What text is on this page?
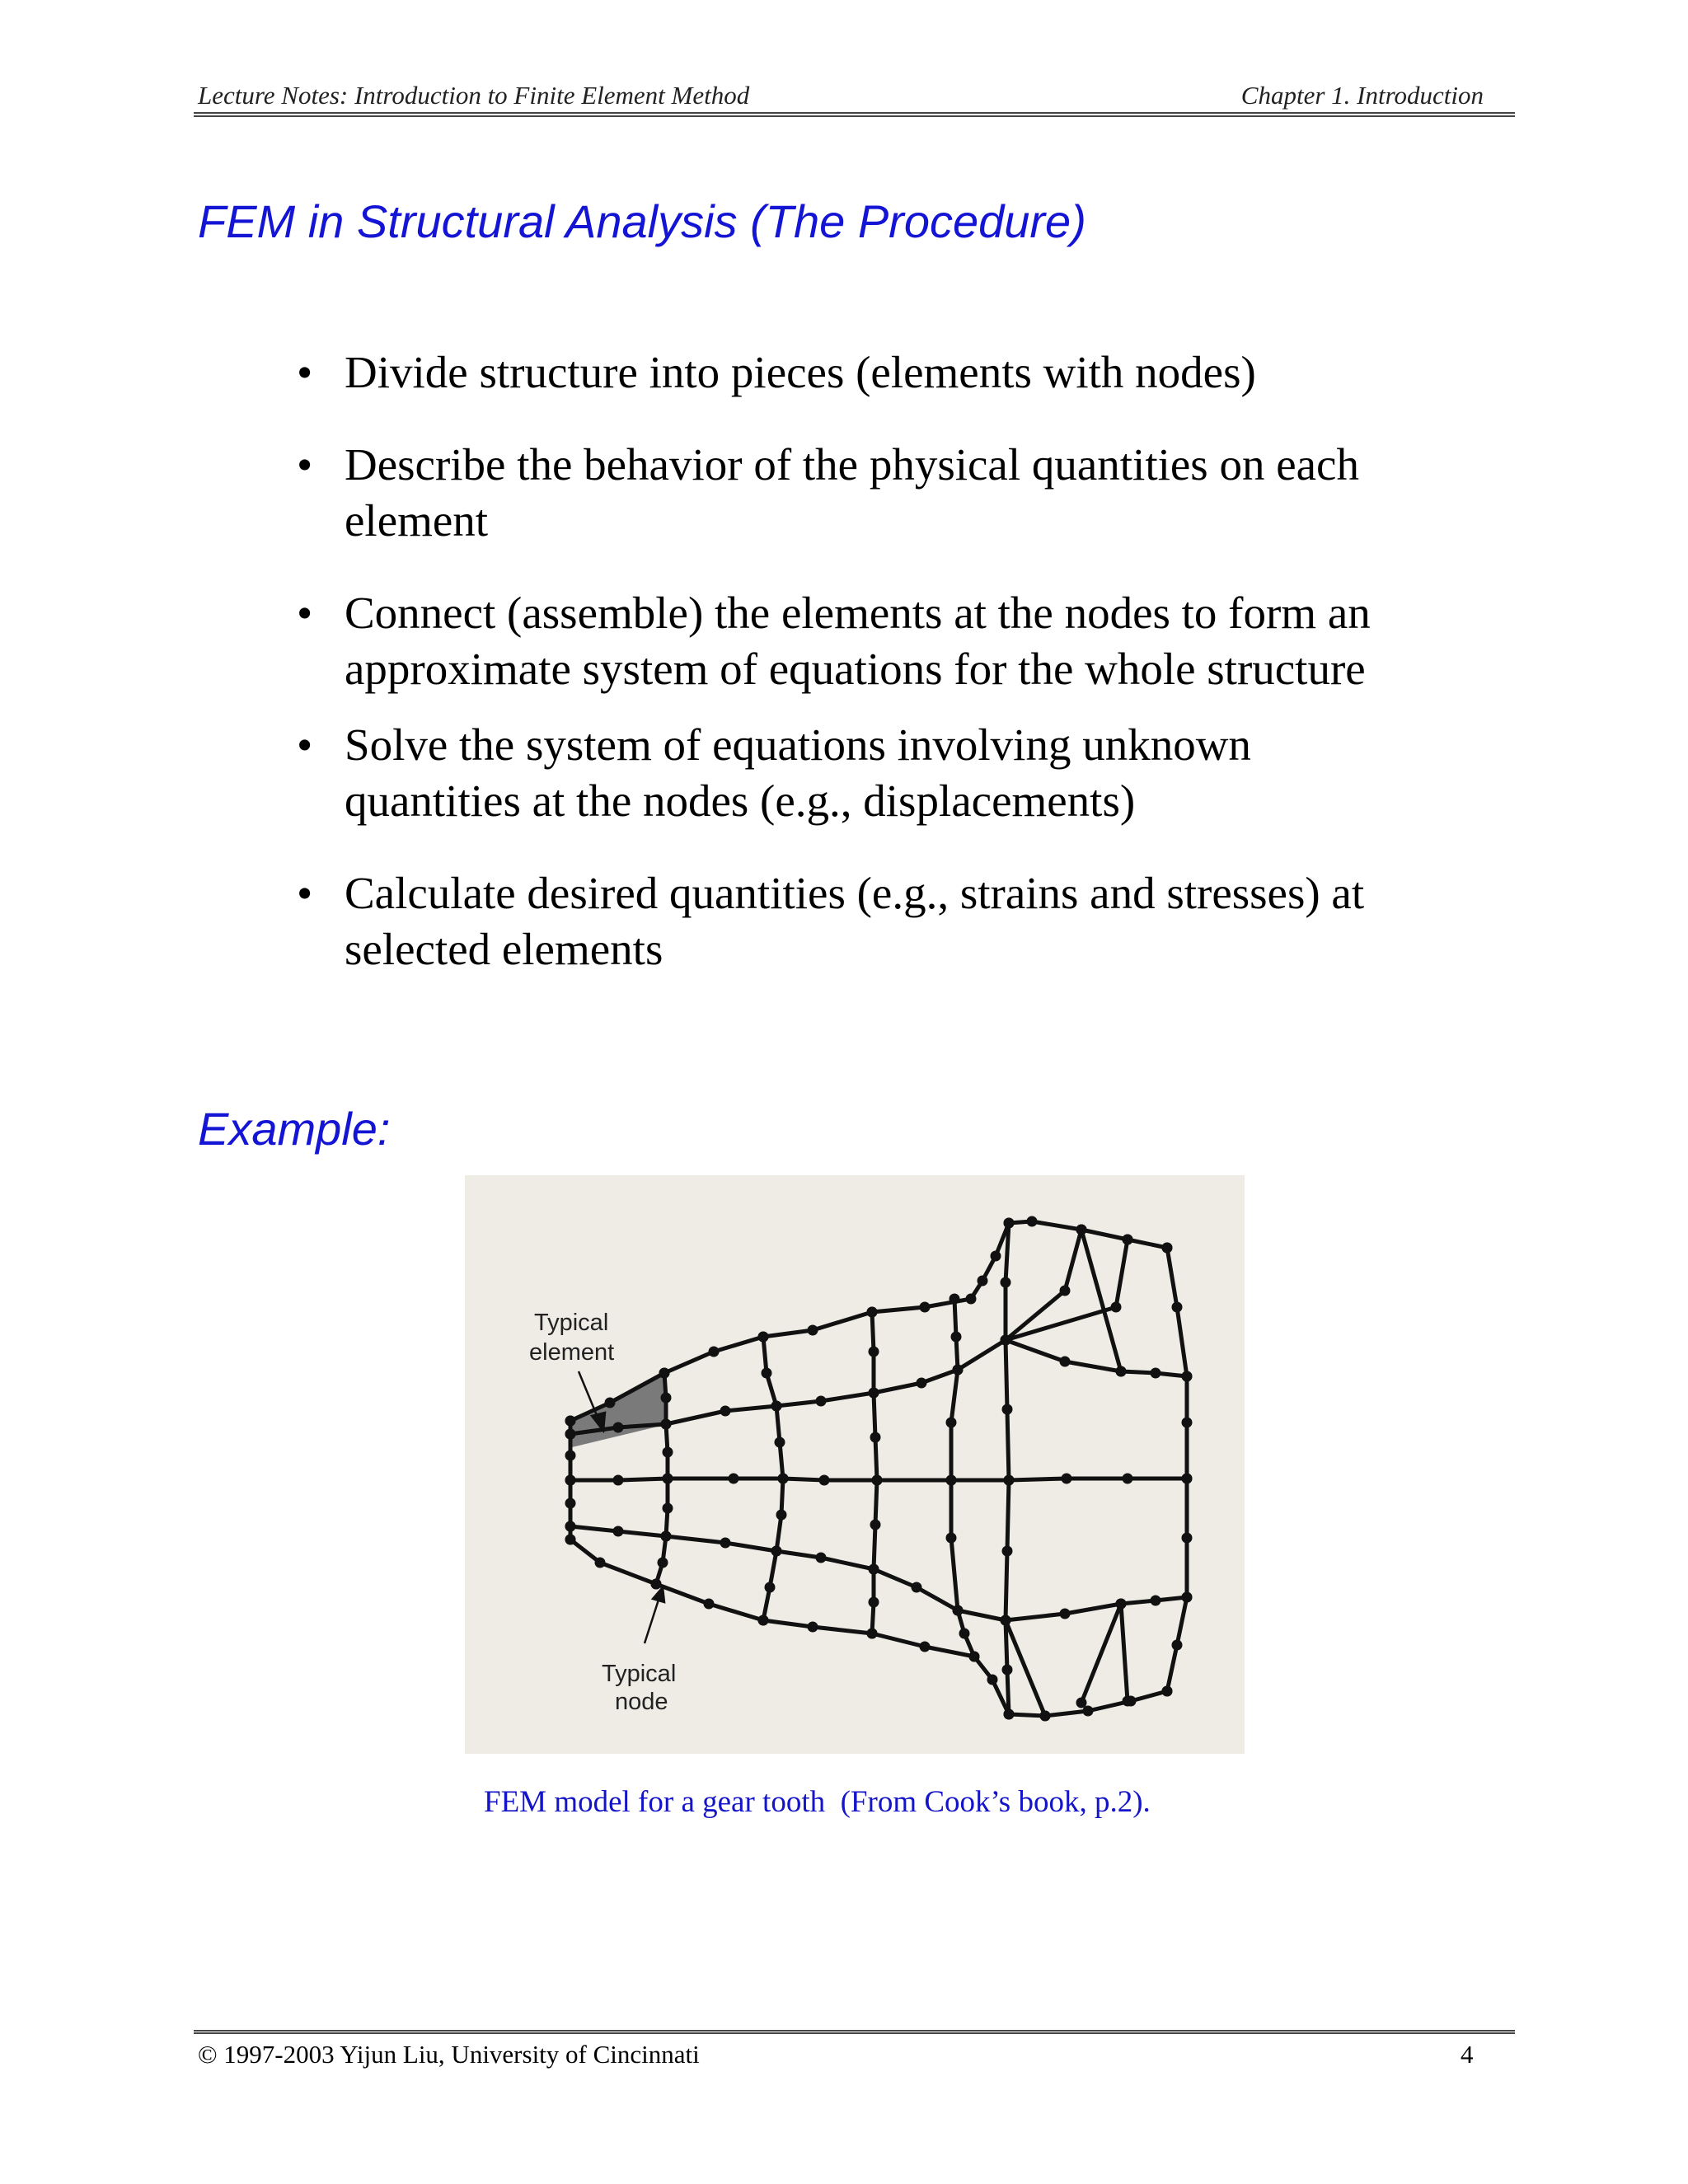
Lecture Notes: Introduction to Finite Element Method	Chapter 1. Introduction
FEM in Structural Analysis (The Procedure)
• Divide structure into pieces (elements with nodes)
• Describe the behavior of the physical quantities on each
element
• Connect (assemble) the elements at the nodes to form an
approximate system of equations for the whole structure
• Solve the system of equations involving unknown
quantities at the nodes (e.g., displacements)
• Calculate desired quantities (e.g., strains and stresses) at
selected elements
Example:
Typical
element
Typical
node
FEM model for a gear tooth  (From Cook’s book, p.2).
© 1997-2003 Yijun Liu, University of Cincinnati	4
